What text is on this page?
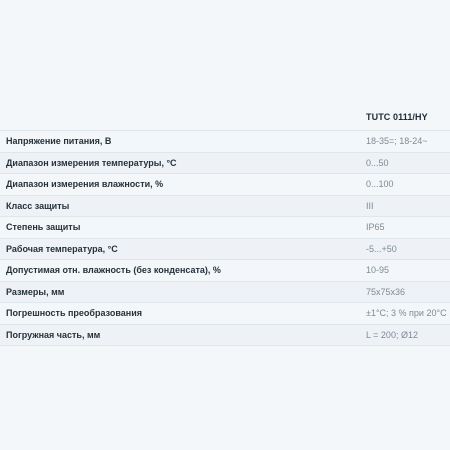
	TUTC 0111/HY
Напряжение питания, В	18-35=; 18-24~
Диапазон измерения температуры, °С	0...50
Диапазон измерения влажности, %	0...100
Класс защиты	III
Степень защиты	IP65
Рабочая температура, °С	-5...+50
Допустимая отн. влажность (без конденсата), %	10-95
Размеры, мм	75x75x36
Погрешность преобразования	±1°С; 3 % при 20°С
Погружная часть, мм	L = 200; Ø12
